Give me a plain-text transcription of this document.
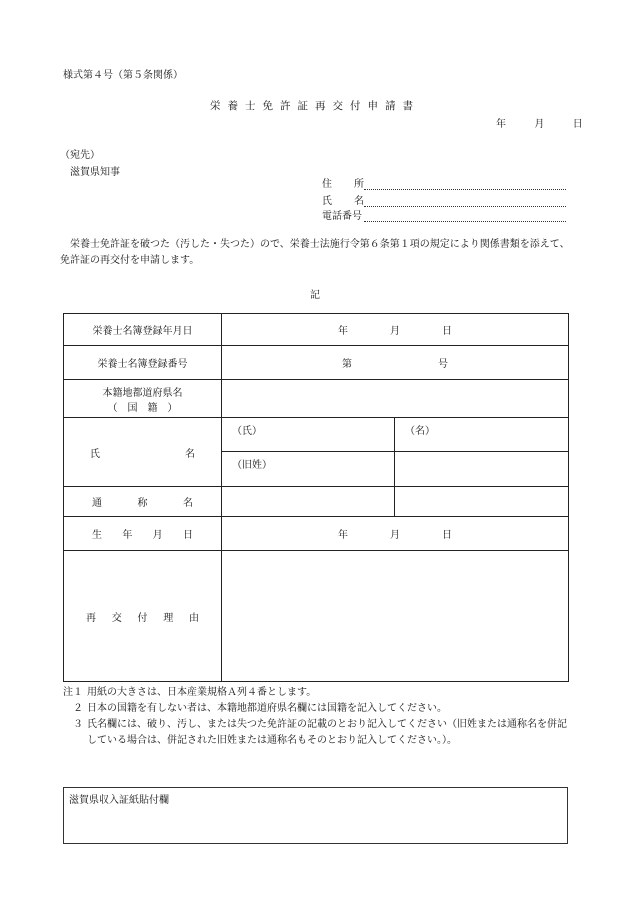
様式第４号（第５条関係）
栄養士免許証再交付申請書
年	月	日
（宛先）
滋賀県知事
住 所
氏 名
電話番号
栄養士免許証を破つた（汚した・失つた）ので、栄養士法施行令第６条第１項の規定により関係書類を添えて、免許証の再交付を申請します。
記
栄養士名簿登録年月日	年 月 日	

栄養士名簿登録番号	第 号	

本籍地都道府県名
（　国　籍　）		

氏 名	（氏）	（名）
	（旧姓）	

通 称 名		

生 年 月 日	年 月 日	

再 交 付 理 由		

注１ 用紙の大きさは、日本産業規格Ａ列４番とします。
２ 日本の国籍を有しない者は、本籍地都道府県名欄には国籍を記入してください。
３ 氏名欄には、破り、汚し、または失つた免許証の記載のとおり記入してください（旧姓または通称名を併記している場合は、併記された旧姓または通称名もそのとおり記入してください。）。
滋賀県収入証紙貼付欄
